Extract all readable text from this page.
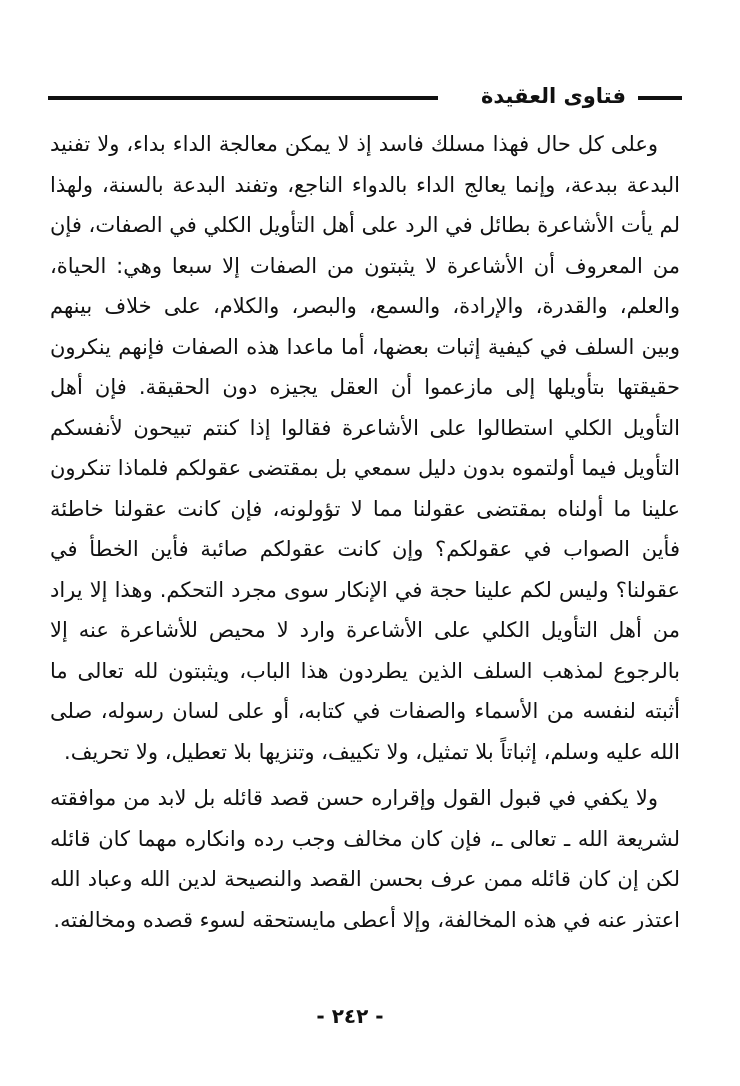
فتاوى العقيدة

وعلى كل حال فهذا مسلك فاسد إذ لا يمكن معالجة الداء بداء، ولا تفنيد البدعة ببدعة، وإنما يعالج الداء بالدواء الناجع، وتفند البدعة بالسنة، ولهذا لم يأت الأشاعرة بطائل في الرد على أهل التأويل الكلي في الصفات، فإن من المعروف أن الأشاعرة لا يثبتون من الصفات إلا سبعا وهي: الحياة، والعلم، والقدرة، والإرادة، والسمع، والبصر، والكلام، على خلاف بينهم وبين السلف في كيفية إثبات بعضها، أما ماعدا هذه الصفات فإنهم ينكرون حقيقتها بتأويلها إلى مازعموا أن العقل يجيزه دون الحقيقة. فإن أهل التأويل الكلي استطالوا على الأشاعرة فقالوا إذا كنتم تبيحون لأنفسكم التأويل فيما أولتموه بدون دليل سمعي بل بمقتضى عقولكم فلماذا تنكرون علينا ما أولناه بمقتضى عقولنا مما لا تؤولونه، فإن كانت عقولنا خاطئة فأين الصواب في عقولكم؟ وإن كانت عقولكم صائبة فأين الخطأ في عقولنا؟ وليس لكم علينا حجة في الإنكار سوى مجرد التحكم. وهذا إلا يراد من أهل التأويل الكلي على الأشاعرة وارد لا محيص للأشاعرة عنه إلا بالرجوع لمذهب السلف الذين يطردون هذا الباب، ويثبتون لله تعالى ما أثبته لنفسه من الأسماء والصفات في كتابه، أو على لسان رسوله، صلى الله عليه وسلم، إثباتاً بلا تمثيل، ولا تكييف، وتنزيها بلا تعطيل، ولا تحريف.

ولا يكفي في قبول القول وإقراره حسن قصد قائله بل لابد من موافقته لشريعة الله ـ تعالى ـ، فإن كان مخالف وجب رده وانكاره مهما كان قائله لكن إن كان قائله ممن عرف بحسن القصد والنصيحة لدين الله وعباد الله اعتذر عنه في هذه المخالفة، وإلا أعطى مايستحقه لسوء قصده ومخالفته.

- ٢٤٢ -
